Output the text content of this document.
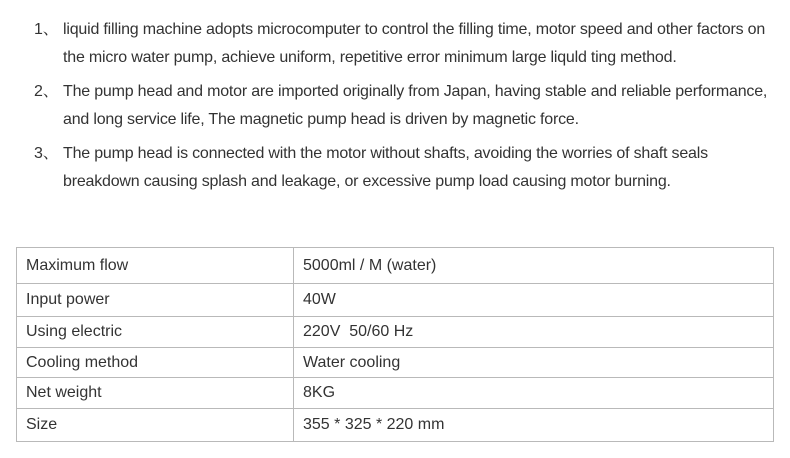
1、 liquid filling machine adopts microcomputer to control the filling time, motor speed and other factors on the micro water pump, achieve uniform, repetitive error minimum large liquld ting method.
2、 The pump head and motor are imported originally from Japan, having stable and reliable performance, and long service life, The magnetic pump head is driven by magnetic force.
3、 The pump head is connected with the motor without shafts, avoiding the worries of shaft seals breakdown causing splash and leakage, or excessive pump load causing motor burning.
Maximum flow	5000ml / M (water)
Input power	40W
Using electric	220V  50/60 Hz
Cooling method	Water cooling
Net weight	8KG
Size	355 * 325 * 220 mm
